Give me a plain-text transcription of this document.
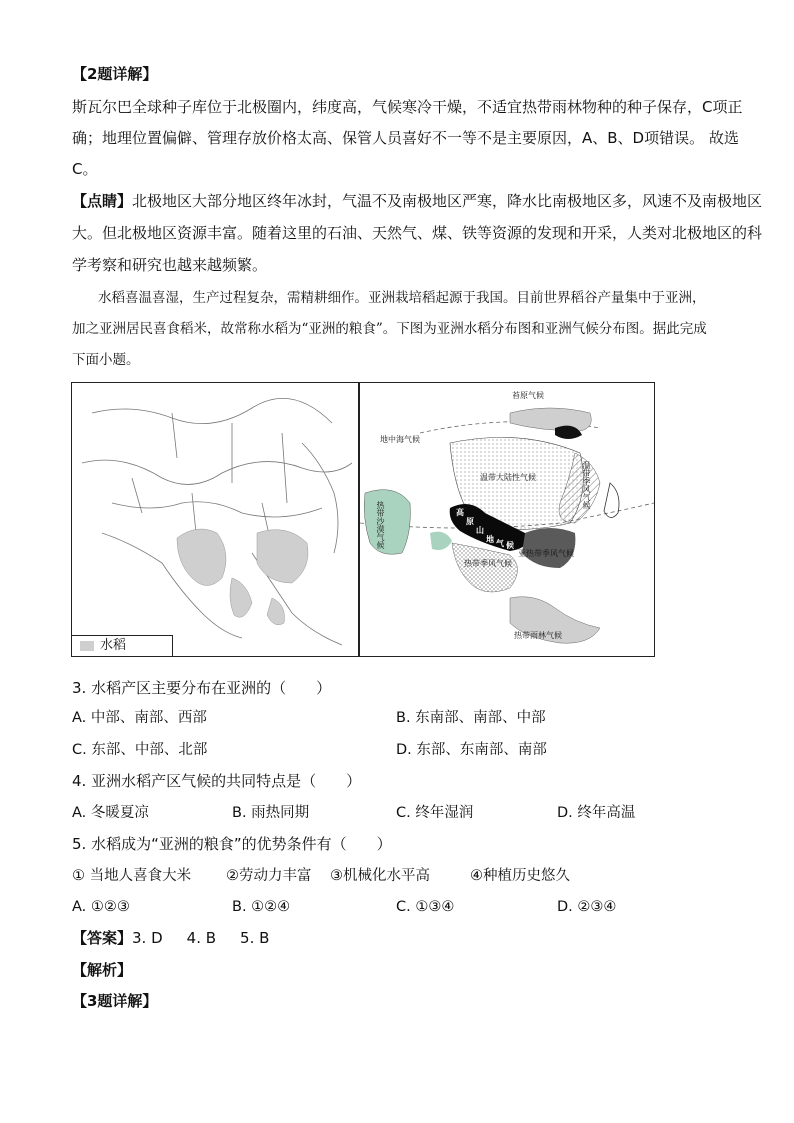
【2题详解】
斯瓦尔巴全球种子库位于北极圈内，纬度高，气候寒冷干燥，不适宜热带雨林物种的种子保存，C项正
确；地理位置偏僻、管理存放价格太高、保管人员喜好不一等不是主要原因，A、B、D项错误。 故选
C。
【点睛】北极地区大部分地区终年冰封，气温不及南极地区严寒，降水比南极地区多，风速不及南极地区
大。但北极地区资源丰富。随着这里的石油、天然气、煤、铁等资源的发现和开采，人类对北极地区的科
学考察和研究也越来越频繁。
水稻喜温喜湿，生产过程复杂，需精耕细作。亚洲栽培稻起源于我国。目前世界稻谷产量集中于亚洲，
加之亚洲居民喜食稻米，故常称水稻为“亚洲的粮食”。下图为亚洲水稻分布图和亚洲气候分布图。据此完成
下面小题。
水稻
苔原气候
地中海气候
温带大陆性气候	温带季风气候
热带沙漠气候	高
原
山
地 气 候
亚热带季风气候
热带季风气候
热带雨林气候
3. 水稻产区主要分布在亚洲的（　　）
A. 中部、南部、西部	B. 东南部、南部、中部
C. 东部、中部、北部	D. 东部、东南部、南部
4. 亚洲水稻产区气候的共同特点是（　　）
A. 冬暖夏凉	B. 雨热同期	C. 终年湿润	D. 终年高温
5. 水稻成为“亚洲的粮食”的优势条件有（　　）
① 当地人喜食大米 ②劳动力丰富 ③机械化水平高	④种植历史悠久
A. ①②③	B. ①②④	C. ①③④	D. ②③④
【答案】3. D 4. B 5. B
【解析】
【3题详解】
